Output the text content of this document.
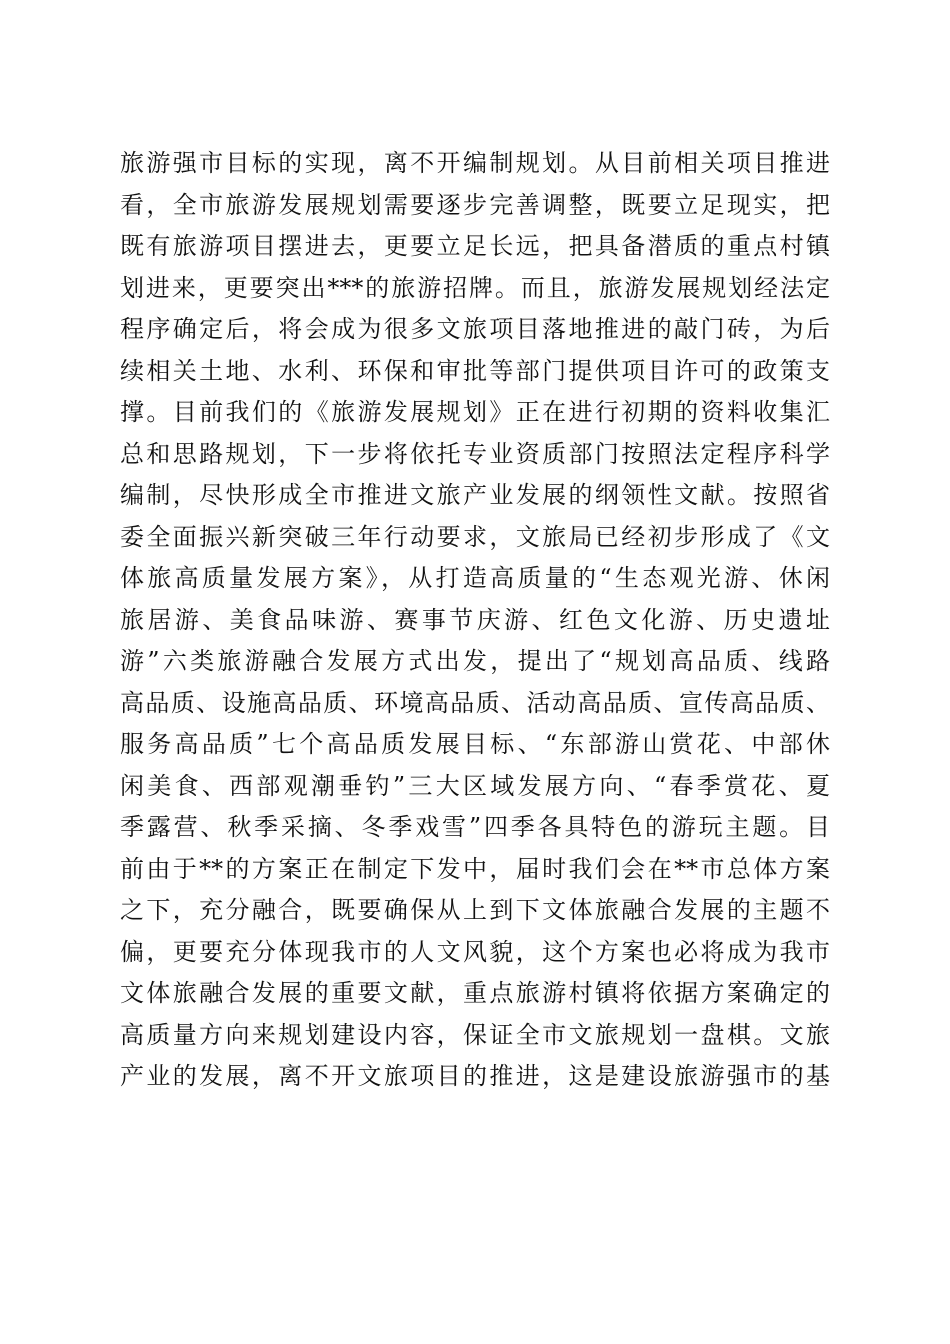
旅游强市目标的实现，离不开编制规划。从目前相关项目推进
看，全市旅游发展规划需要逐步完善调整，既要立足现实，把
既有旅游项目摆进去，更要立足长远，把具备潜质的重点村镇
划进来，更要突出***的旅游招牌。而且，旅游发展规划经法定
程序确定后，将会成为很多文旅项目落地推进的敲门砖，为后
续相关土地、水利、环保和审批等部门提供项目许可的政策支
撑。目前我们的《旅游发展规划》正在进行初期的资料收集汇
总和思路规划，下一步将依托专业资质部门按照法定程序科学
编制，尽快形成全市推进文旅产业发展的纲领性文献。按照省
委全面振兴新突破三年行动要求，文旅局已经初步形成了《文
体旅高质量发展方案》，从打造高质量的“生态观光游、休闲
旅居游、美食品味游、赛事节庆游、红色文化游、历史遗址
游”六类旅游融合发展方式出发，提出了“规划高品质、线路
高品质、设施高品质、环境高品质、活动高品质、宣传高品质、
服务高品质”七个高品质发展目标、“东部游山赏花、中部休
闲美食、西部观潮垂钓”三大区域发展方向、“春季赏花、夏
季露营、秋季采摘、冬季戏雪”四季各具特色的游玩主题。目
前由于**的方案正在制定下发中，届时我们会在**市总体方案
之下，充分融合，既要确保从上到下文体旅融合发展的主题不
偏，更要充分体现我市的人文风貌，这个方案也必将成为我市
文体旅融合发展的重要文献，重点旅游村镇将依据方案确定的
高质量方向来规划建设内容，保证全市文旅规划一盘棋。文旅
产业的发展，离不开文旅项目的推进，这是建设旅游强市的基
